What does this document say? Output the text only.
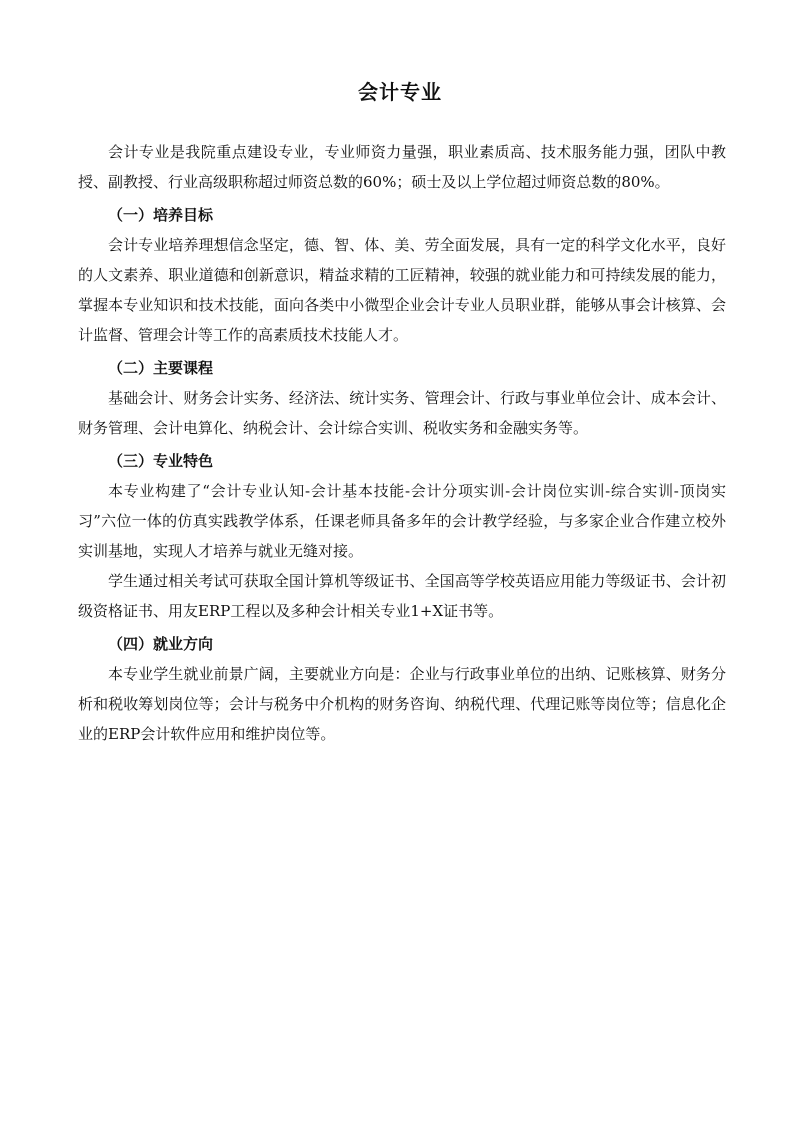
会计专业

会计专业是我院重点建设专业，专业师资力量强，职业素质高、技术服务能力强，团队中教授、副教授、行业高级职称超过师资总数的60%；硕士及以上学位超过师资总数的80%。

（一）培养目标

会计专业培养理想信念坚定，德、智、体、美、劳全面发展，具有一定的科学文化水平，良好的人文素养、职业道德和创新意识，精益求精的工匠精神，较强的就业能力和可持续发展的能力，掌握本专业知识和技术技能，面向各类中小微型企业会计专业人员职业群，能够从事会计核算、会计监督、管理会计等工作的高素质技术技能人才。

（二）主要课程

基础会计、财务会计实务、经济法、统计实务、管理会计、行政与事业单位会计、成本会计、财务管理、会计电算化、纳税会计、会计综合实训、税收实务和金融实务等。

（三）专业特色

本专业构建了“会计专业认知-会计基本技能-会计分项实训-会计岗位实训-综合实训-顶岗实习”六位一体的仿真实践教学体系，任课老师具备多年的会计教学经验，与多家企业合作建立校外实训基地，实现人才培养与就业无缝对接。

学生通过相关考试可获取全国计算机等级证书、全国高等学校英语应用能力等级证书、会计初级资格证书、用友ERP工程以及多种会计相关专业1+X证书等。

（四）就业方向

本专业学生就业前景广阔，主要就业方向是：企业与行政事业单位的出纳、记账核算、财务分析和税收筹划岗位等；会计与税务中介机构的财务咨询、纳税代理、代理记账等岗位等；信息化企业的ERP会计软件应用和维护岗位等。
